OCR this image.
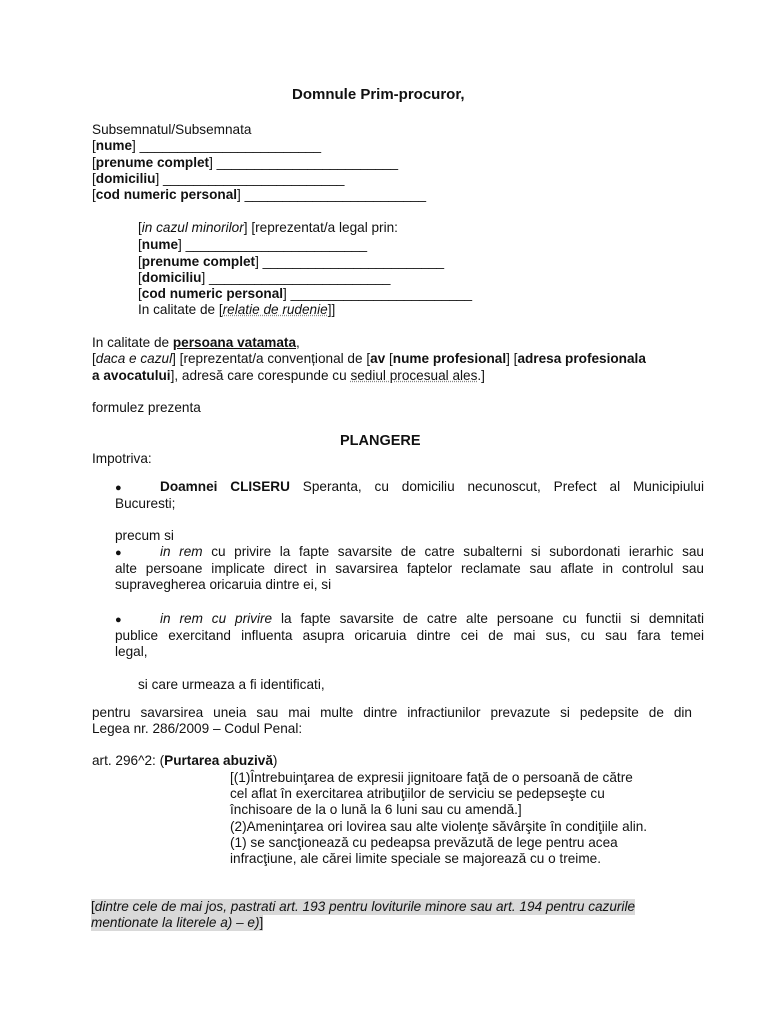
Domnule Prim-procuror,
Subsemnatul/Subsemnata
[nume] ________________________
[prenume complet] ________________________
[domiciliu] ________________________
[cod numeric personal] ________________________
[in cazul minorilor] [reprezentat/a legal prin:
[nume] ________________________
[prenume complet] ________________________
[domiciliu] ________________________
[cod numeric personal] ________________________
In calitate de [relatie de rudenie]]
In calitate de persoana vatamata,
[daca e cazul] [reprezentat/a convențional de [av [nume profesional] [adresa profesionala
a avocatului], adresă care corespunde cu sediul procesual ales.]
formulez prezenta
PLANGERE
Impotriva:
●	Doamnei CLISERU Speranta, cu domiciliu necunoscut, Prefect al Municipiului
Bucuresti;
precum si
●	in rem cu privire la fapte savarsite de catre subalterni si subordonati ierarhic sau
alte persoane implicate direct in savarsirea faptelor reclamate sau aflate in controlul sau
supravegherea oricaruia dintre ei, si
●	in rem cu privire la fapte savarsite de catre alte persoane cu functii si demnitati
publice exercitand influenta asupra oricaruia dintre cei de mai sus, cu sau fara temei
legal,
si care urmeaza a fi identificati,
pentru savarsirea uneia sau mai multe dintre infractiunilor prevazute si pedepsite de din
Legea nr. 286/2009 – Codul Penal:
art. 296^2: (Purtarea abuzivă)
[(1)Întrebuinţarea de expresii jignitoare faţă de o persoană de către
cel aflat în exercitarea atribuţiilor de serviciu se pedepseşte cu
închisoare de la o lună la 6 luni sau cu amendă.]
(2)Ameninţarea ori lovirea sau alte violenţe săvârşite în condiţiile alin.
(1) se sancţionează cu pedeapsa prevăzută de lege pentru acea
infracţiune, ale cărei limite speciale se majorează cu o treime.
[dintre cele de mai jos, pastrati art. 193 pentru loviturile minore sau art. 194 pentru cazurile
mentionate la literele a) – e)]
